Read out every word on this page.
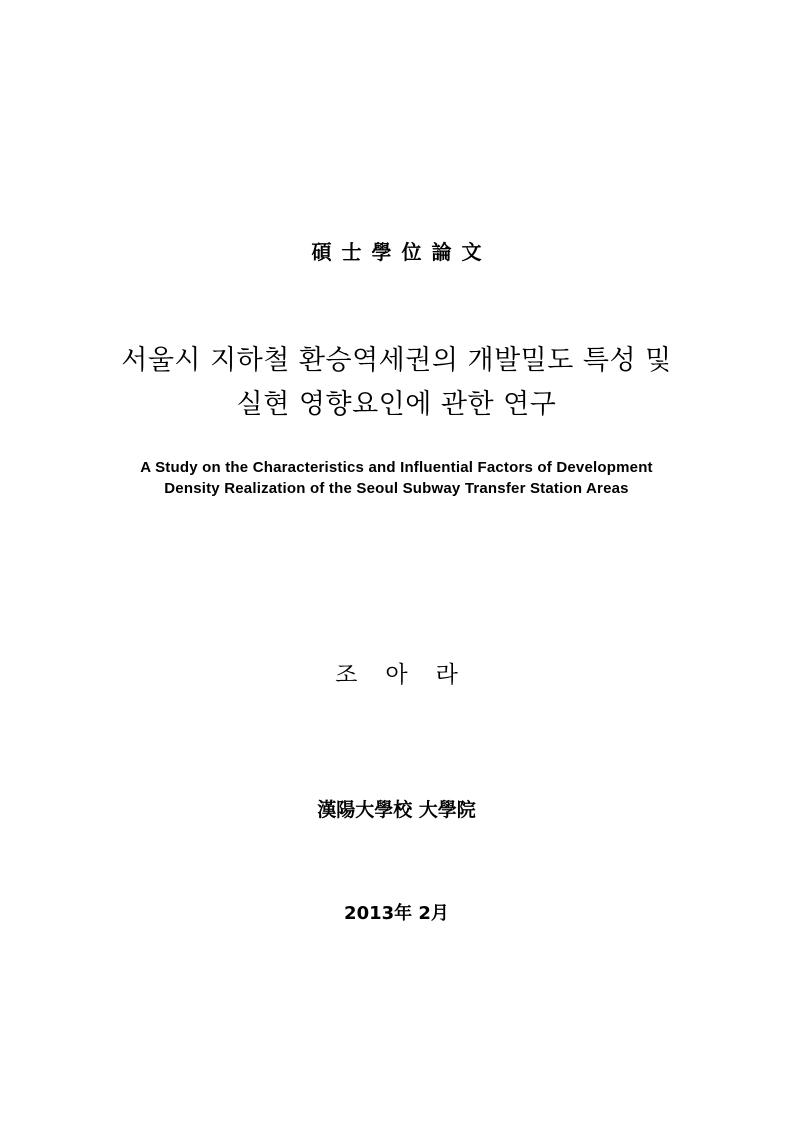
碩士學位論文
서울시 지하철 환승역세권의 개발밀도 특성 및
실현 영향요인에 관한 연구
A Study on the Characteristics and Influential Factors of Development
Density Realization of the Seoul Subway Transfer Station Areas
조아라
漢陽大學校 大學院
2013年 2月
